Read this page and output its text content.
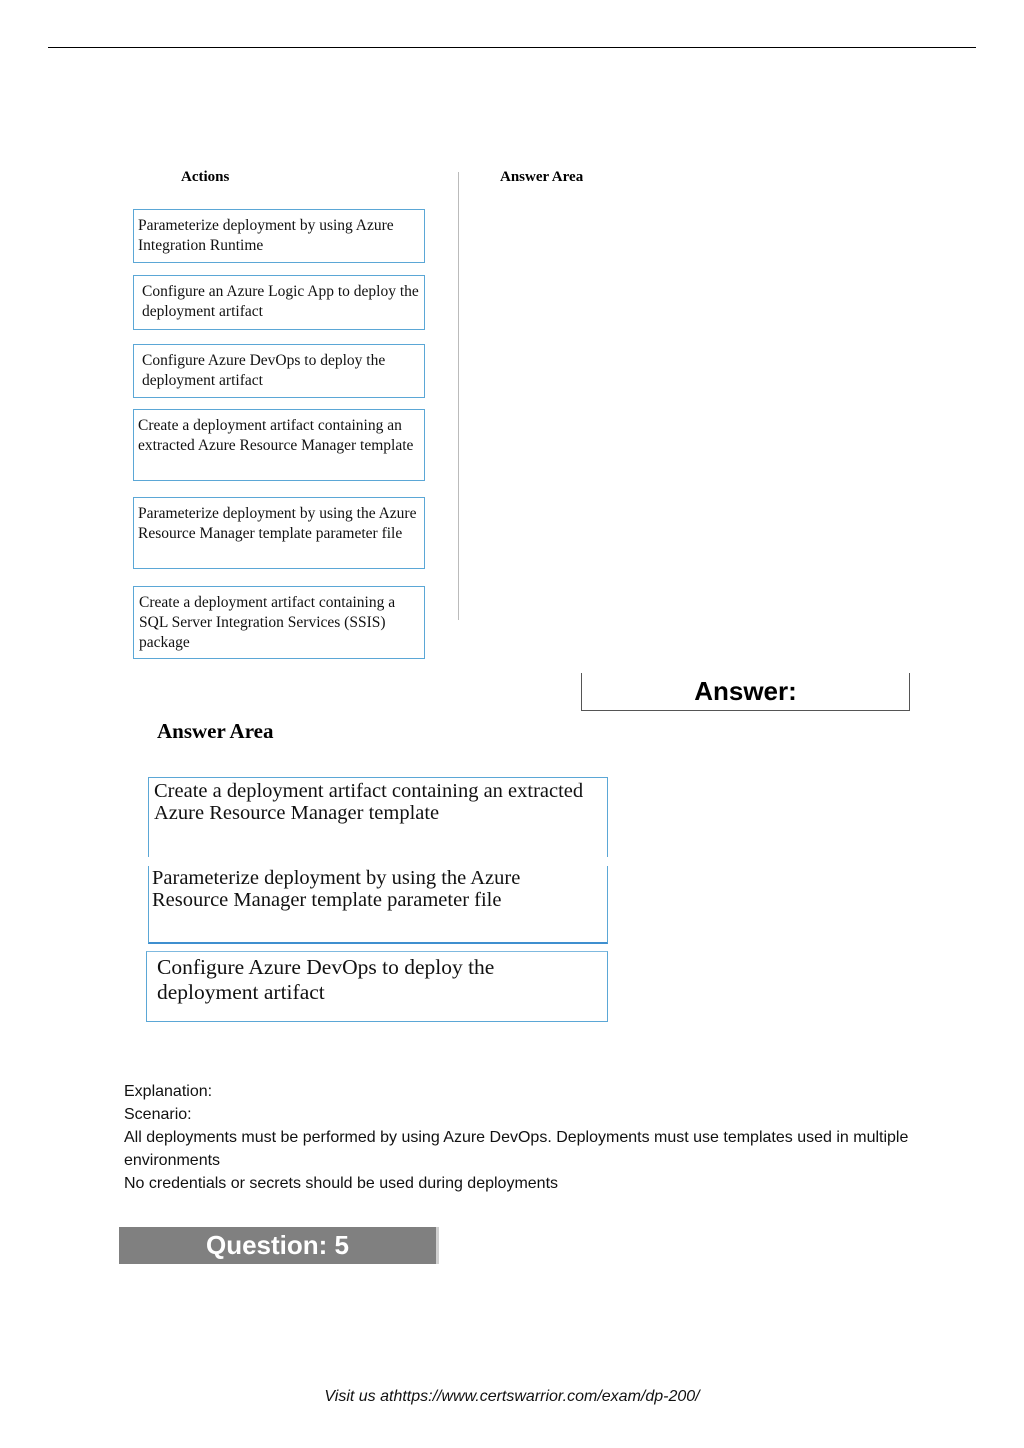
Actions	Answer Area
Parameterize deployment by using Azure Integration Runtime
Configure an Azure Logic App to deploy the deployment artifact
Configure Azure DevOps to deploy the deployment artifact
Create a deployment artifact containing an extracted Azure Resource Manager template
Parameterize deployment by using the Azure Resource Manager template parameter file
Create a deployment artifact containing a SQL Server Integration Services (SSIS) package
Answer:
Answer Area
Create a deployment artifact containing an extracted Azure Resource Manager template
Parameterize deployment by using the Azure Resource Manager template parameter file
Configure Azure DevOps to deploy the deployment artifact

Explanation:

Scenario:

All deployments must be performed by using Azure DevOps. Deployments must use templates used in multiple environments

No credentials or secrets should be used during deployments

Question: 5
Visit us athttps://www.certswarrior.com/exam/dp-200/
